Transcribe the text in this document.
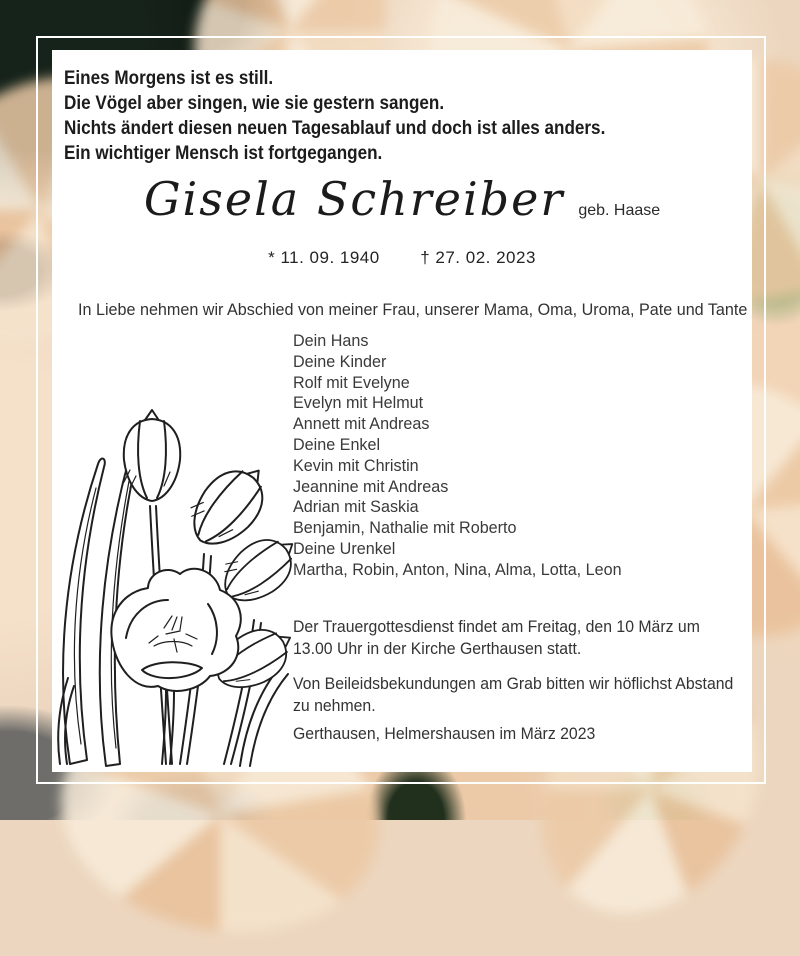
Eines Morgens ist es still.
Die Vögel aber singen, wie sie gestern sangen.
Nichts ändert diesen neuen Tagesablauf und doch ist alles anders.
Ein wichtiger Mensch ist fortgegangen.
Gisela Schreiber geb. Haase
* 11. 09. 1940 † 27. 02. 2023
In Liebe nehmen wir Abschied von meiner Frau, unserer Mama, Oma, Uroma, Pate und Tante
Dein Hans
Deine Kinder
Rolf mit Evelyne
Evelyn mit Helmut
Annett mit Andreas
Deine Enkel
Kevin mit Christin
Jeannine mit Andreas
Adrian mit Saskia
Benjamin, Nathalie mit Roberto
Deine Urenkel
Martha, Robin, Anton, Nina, Alma, Lotta, Leon
Der Trauergottesdienst findet am Freitag, den 10 März um
13.00 Uhr in der Kirche Gerthausen statt.
Von Beileidsbekundungen am Grab bitten wir höflichst Abstand
zu nehmen.
Gerthausen, Helmershausen im März 2023
